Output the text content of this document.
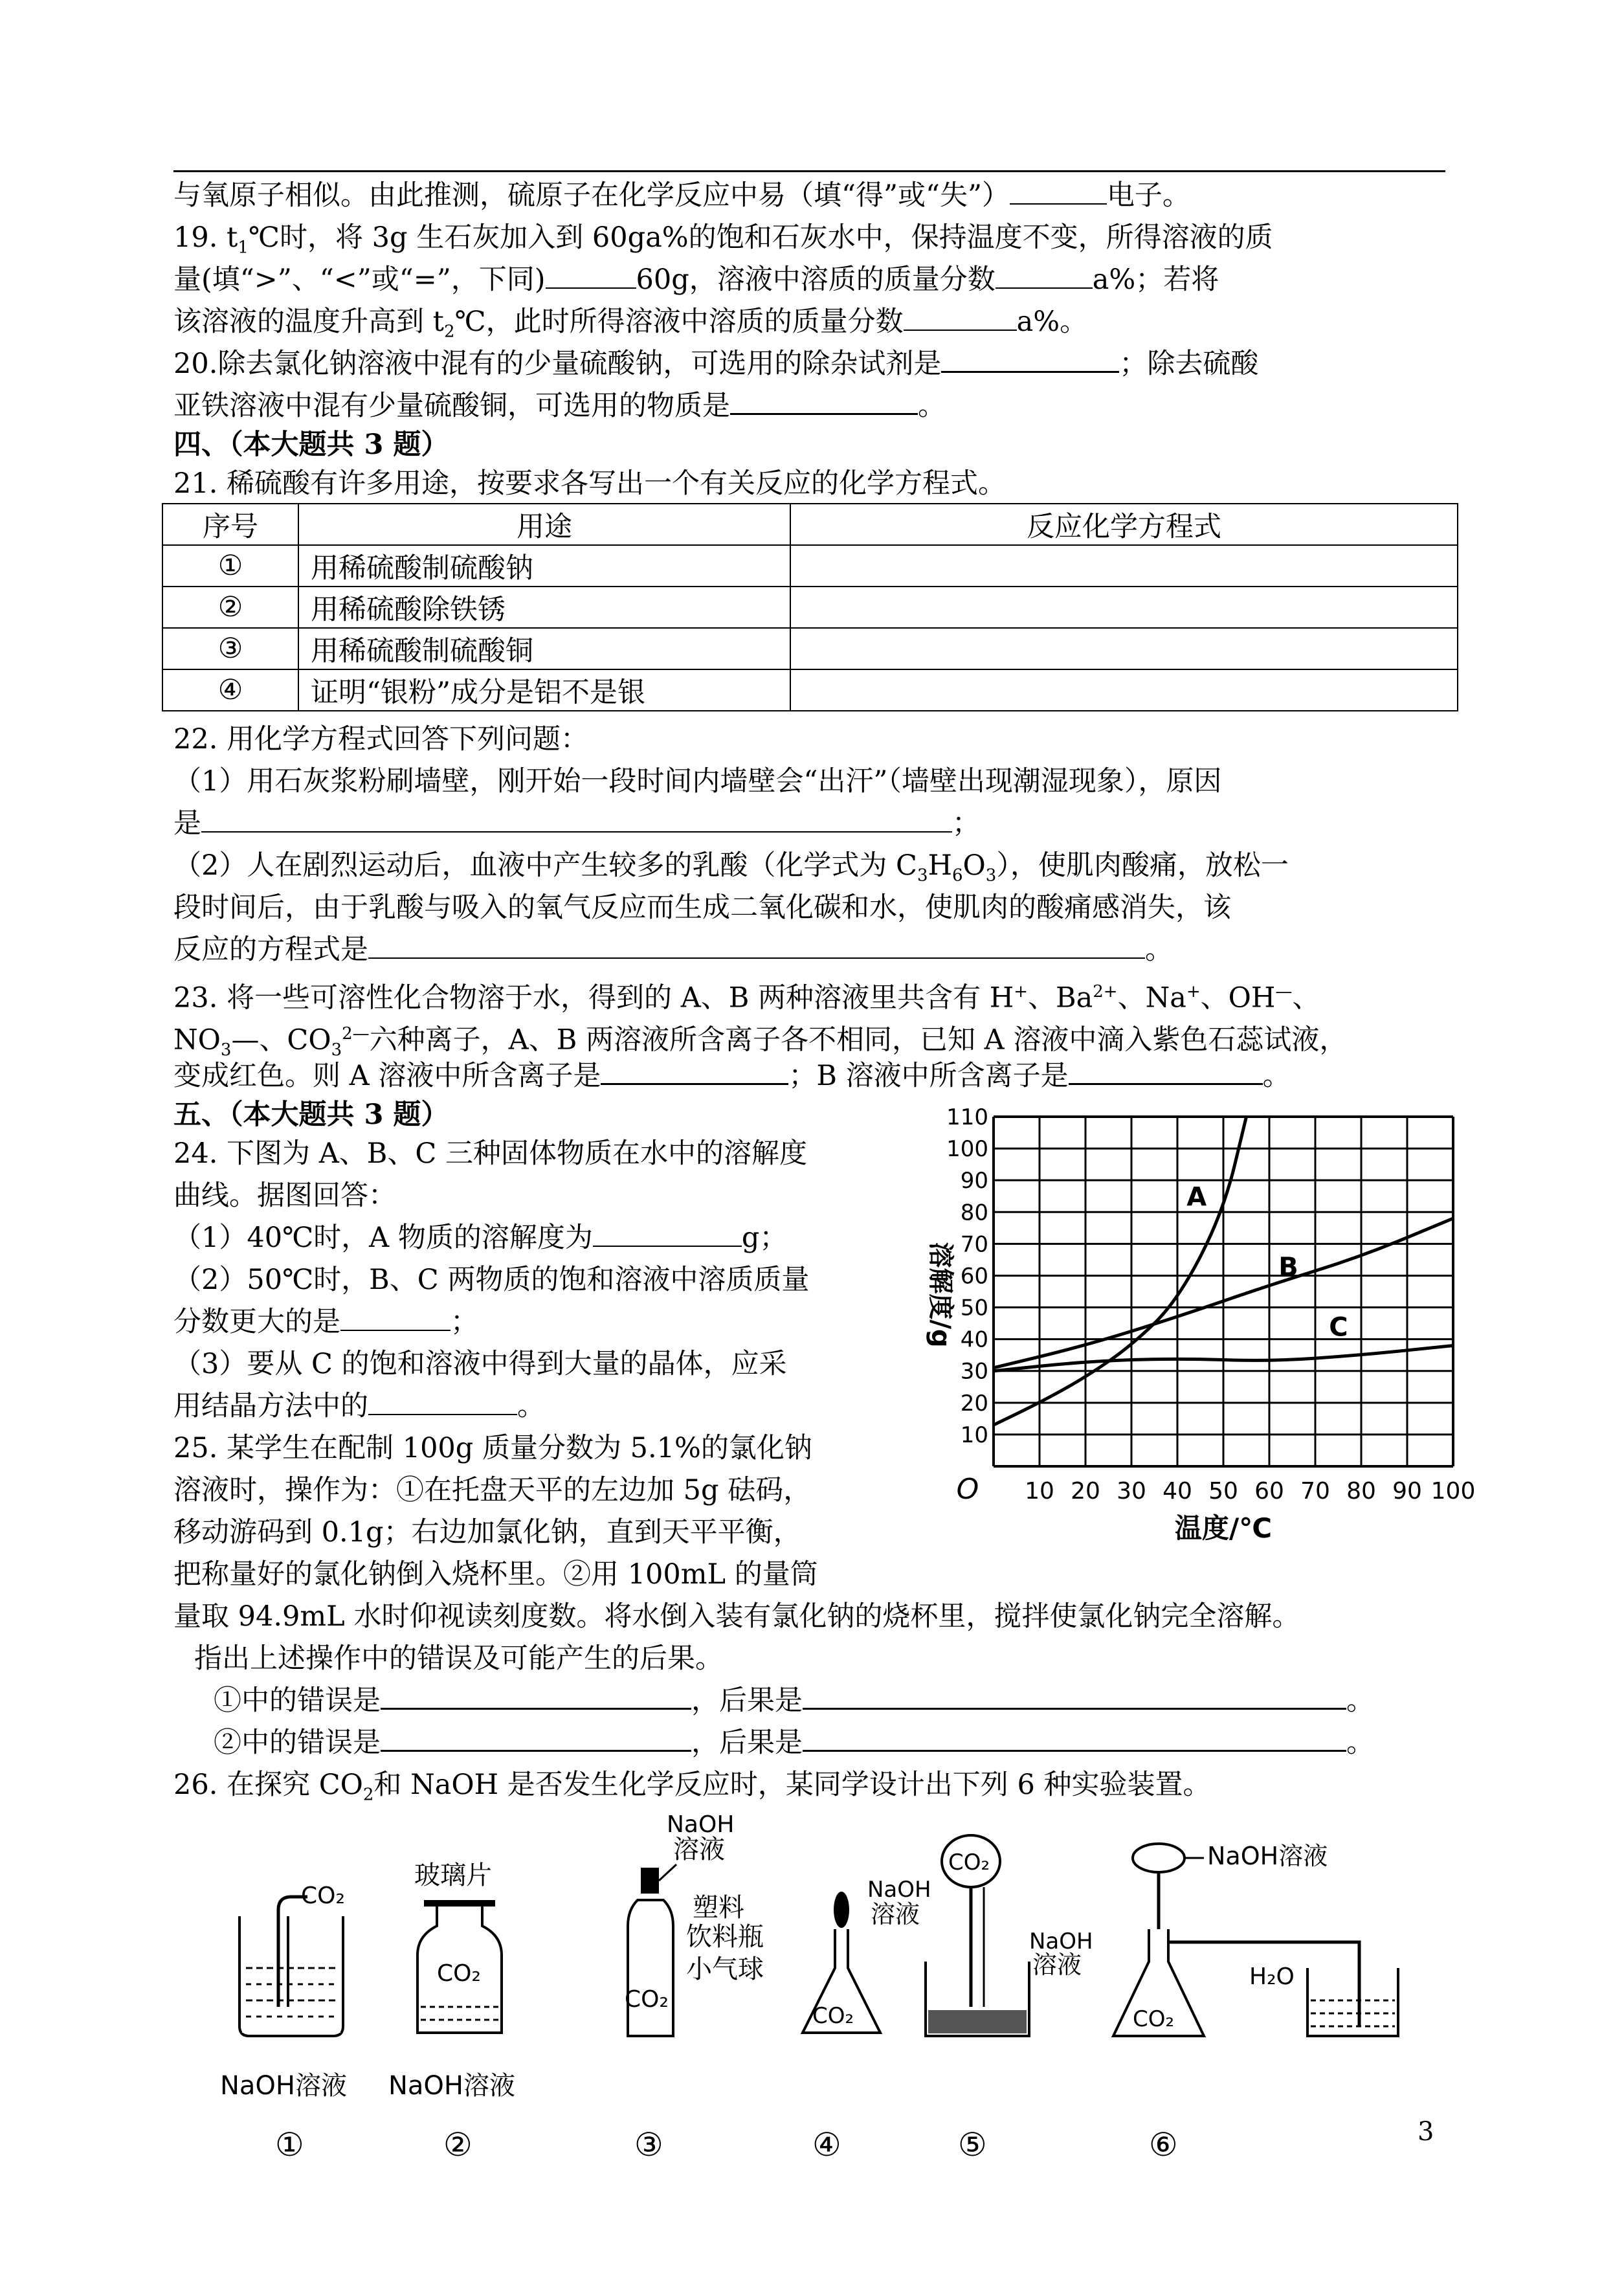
与氧原子相似。由此推测，硫原子在化学反应中易（填“得”或“失”）	电子。
19. $t_1℃$时，将 3g 生石灰加入到 60ga%的饱和石灰水中，保持温度不变，所得溶液的质
量(填“>”、“<”或“=”，下同)	60g，溶液中溶质的质量分数	a%；若将
该溶液的温度升高到 $t_2℃$，此时所得溶液中溶质的质量分数	a%。
20.除去氯化钠溶液中混有的少量硫酸钠，可选用的除杂试剂是	；除去硫酸
亚铁溶液中混有少量硫酸铜，可选用的物质是	。
四、（本大题共 3 题）
21. 稀硫酸有许多用途，按要求各写出一个有关反应的化学方程式。
序号	用途	反应化学方程式
①	用稀硫酸制硫酸钠	
②	用稀硫酸除铁锈	
③	用稀硫酸制硫酸铜	
④	证明“银粉”成分是铝不是银	
22. 用化学方程式回答下列问题：
（1）用石灰浆粉刷墙壁，刚开始一段时间内墙壁会“出汗”（墙壁出现潮湿现象），原因
是	；
（2）人在剧烈运动后，血液中产生较多的乳酸（化学式为 $C_3H_6O_3$），使肌肉酸痛，放松一
段时间后，由于乳酸与吸入的氧气反应而生成二氧化碳和水，使肌肉的酸痛感消失，该
反应的方程式是	。
23. 将一些可溶性化合物溶于水，得到的 A、B 两种溶液里共含有 H+、$Ba^{2+}$、Na+、OH—、
$NO_3—$、$CO_3^{2—}$六种离子，A、B 两溶液所含离子各不相同，已知 A 溶液中滴入紫色石蕊试液，
变成红色。则 A 溶液中所含离子是	；B 溶液中所含离子是	。
五、（本大题共 3 题）
24. 下图为 A、B、C 三种固体物质在水中的溶解度
曲线。据图回答：
（1）40℃时，A 物质的溶解度为	g；
（2）50℃时，B、C 两物质的饱和溶液中溶质质量
分数更大的是	；
（3）要从 C 的饱和溶液中得到大量的晶体，应采
用结晶方法中的	。
25. 某学生在配制 100g 质量分数为 5.1%的氯化钠
溶液时，操作为：①在托盘天平的左边加 5g 砝码，
移动游码到 0.1g；右边加氯化钠，直到天平平衡，
把称量好的氯化钠倒入烧杯里。②用 100mL 的量筒
量取 94.9mL 水时仰视读刻度数。将水倒入装有氯化钠的烧杯里，搅拌使氯化钠完全溶解。
指出上述操作中的错误及可能产生的后果。
①中的错误是	，后果是	。
②中的错误是	，后果是	。
26. 在探究 $CO_2$和 NaOH 是否发生化学反应时，某同学设计出下列 6 种实验装置。
A
B
C
O 10 20 30 40 50 60 70 80 90 100
10
20
30
40
50
60
70
80
90
100
110
温度/℃
溶解度/g
CO₂
NaOH溶液
①
玻璃片
CO₂
NaOH溶液
②
NaOH
溶液
CO₂
塑料
饮料瓶
③
小气球
CO₂
④
CO₂
NaOH
溶液
NaOH
溶液
⑤
NaOH溶液
H₂O
CO₂
⑥	3
